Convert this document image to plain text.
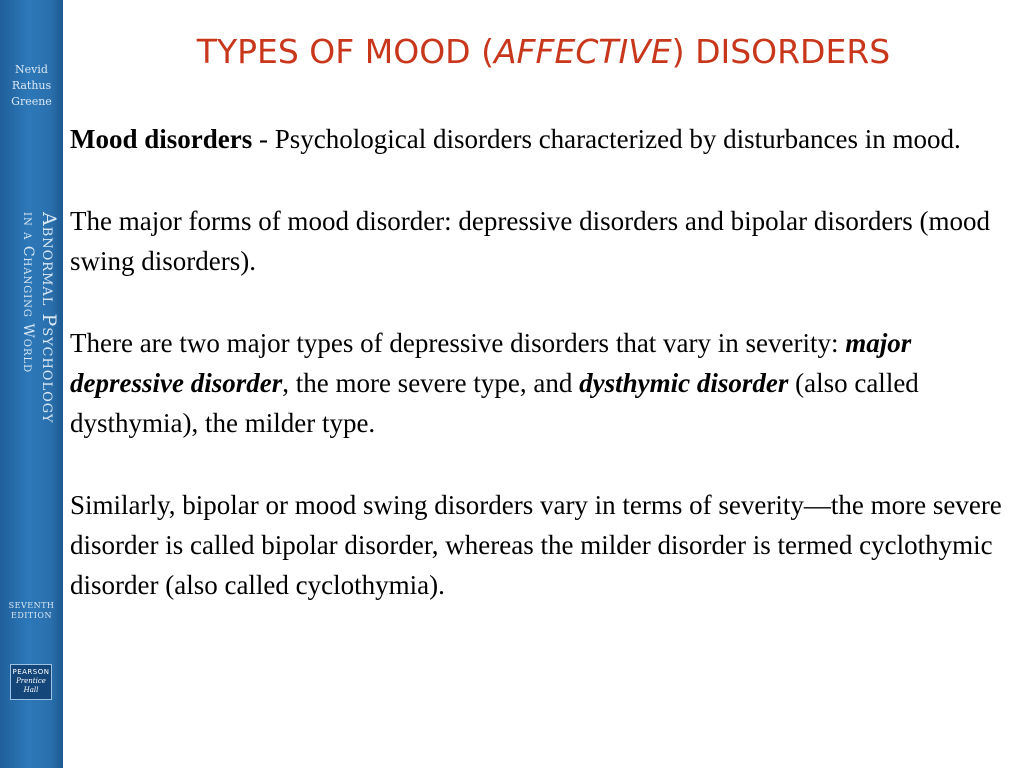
Nevid
Rathus
Greene
Abnormal Psychology
in a Changing World
SEVENTH
EDITION
PEARSON
Prentice Hall
TYPES OF MOOD (AFFECTIVE) DISORDERS

Mood disorders - Psychological disorders characterized by disturbances in mood.

The major forms of mood disorder: depressive disorders and bipolar disorders (mood swing disorders).

There are two major types of depressive disorders that vary in severity: major depressive disorder, the more severe type, and dysthymic disorder (also called dysthymia), the milder type.

Similarly, bipolar or mood swing disorders vary in terms of severity—the more severe disorder is called bipolar disorder, whereas the milder disorder is termed cyclothymic disorder (also called cyclothymia).
